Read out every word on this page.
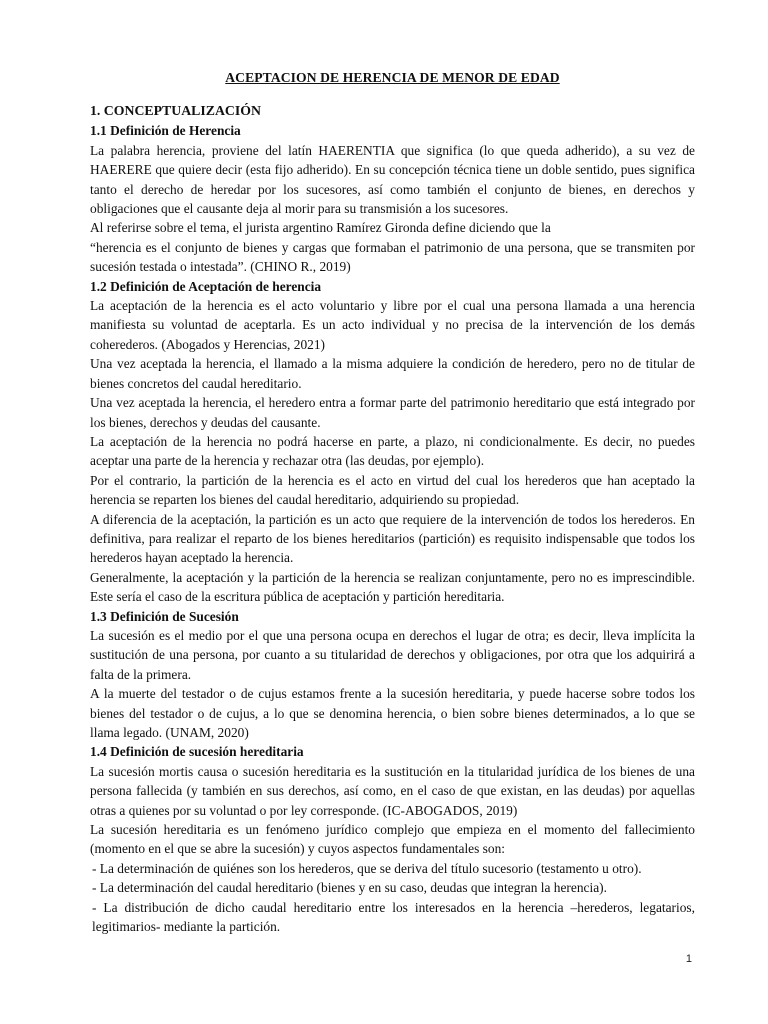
ACEPTACION DE HERENCIA DE MENOR DE EDAD
1. CONCEPTUALIZACIÓN
1.1 Definición de Herencia

La palabra herencia, proviene del latín HAERENTIA que significa (lo que queda adherido), a su vez de HAERERE que quiere decir (esta fijo adherido). En su concepción técnica tiene un doble sentido, pues significa tanto el derecho de heredar por los sucesores, así como también el conjunto de bienes, en derechos y obligaciones que el causante deja al morir para su transmisión a los sucesores.

Al referirse sobre el tema, el jurista argentino Ramírez Gironda define diciendo que la

“herencia es el conjunto de bienes y cargas que formaban el patrimonio de una persona, que se transmiten por sucesión testada o intestada”. (CHINO R., 2019)

1.2 Definición de Aceptación de herencia

La aceptación de la herencia es el acto voluntario y libre por el cual una persona llamada a una herencia manifiesta su voluntad de aceptarla. Es un acto individual y no precisa de la intervención de los demás coherederos. (Abogados y Herencias, 2021)

Una vez aceptada la herencia, el llamado a la misma adquiere la condición de heredero, pero no de titular de bienes concretos del caudal hereditario.

Una vez aceptada la herencia, el heredero entra a formar parte del patrimonio hereditario que está integrado por los bienes, derechos y deudas del causante.

La aceptación de la herencia no podrá hacerse en parte, a plazo, ni condicionalmente. Es decir, no puedes aceptar una parte de la herencia y rechazar otra (las deudas, por ejemplo).

Por el contrario, la partición de la herencia es el acto en virtud del cual los herederos que han aceptado la herencia se reparten los bienes del caudal hereditario, adquiriendo su propiedad.

A diferencia de la aceptación, la partición es un acto que requiere de la intervención de todos los herederos. En definitiva, para realizar el reparto de los bienes hereditarios (partición) es requisito indispensable que todos los herederos hayan aceptado la herencia.

Generalmente, la aceptación y la partición de la herencia se realizan conjuntamente, pero no es imprescindible. Este sería el caso de la escritura pública de aceptación y partición hereditaria.

1.3 Definición de Sucesión

La sucesión es el medio por el que una persona ocupa en derechos el lugar de otra; es decir, lleva implícita la sustitución de una persona, por cuanto a su titularidad de derechos y obligaciones, por otra que los adquirirá a falta de la primera.

A la muerte del testador o de cujus estamos frente a la sucesión hereditaria, y puede hacerse sobre todos los bienes del testador o de cujus, a lo que se denomina herencia, o bien sobre bienes determinados, a lo que se llama legado. (UNAM, 2020)

1.4 Definición de sucesión hereditaria

La sucesión mortis causa o sucesión hereditaria es la sustitución en la titularidad jurídica de los bienes de una persona fallecida (y también en sus derechos, así como, en el caso de que existan, en las deudas) por aquellas otras a quienes por su voluntad o por ley corresponde. (IC-ABOGADOS, 2019)

La sucesión hereditaria es un fenómeno jurídico complejo que empieza en el momento del fallecimiento (momento en el que se abre la sucesión) y cuyos aspectos fundamentales son:

- La determinación de quiénes son los herederos, que se deriva del título sucesorio (testamento u otro).
- La determinación del caudal hereditario (bienes y en su caso, deudas que integran la herencia).
- La distribución de dicho caudal hereditario entre los interesados en la herencia –herederos, legatarios, legitimarios- mediante la partición.
1
